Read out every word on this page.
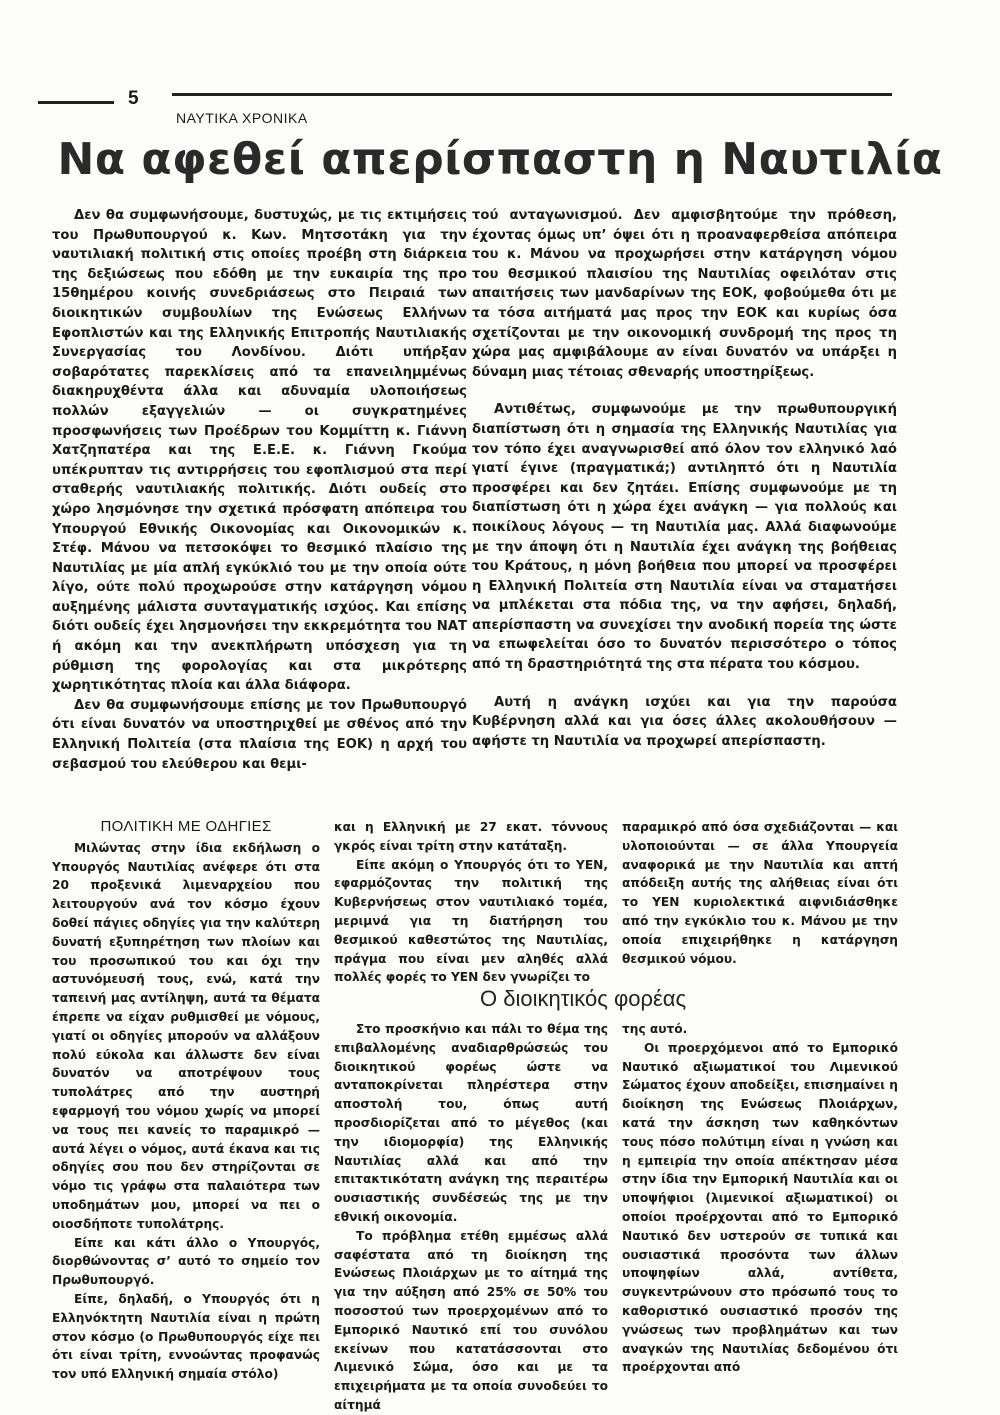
5
ΝΑΥΤΙΚΑ ΧΡΟΝΙΚΑ
Να αφεθεί απερίσπαστη η Ναυτιλία

Δεν θα συμφωνήσουμε, δυστυχώς, με τις εκτιμήσεις του Πρωθυπουργού κ. Κων. Μητσοτάκη για την ναυτιλιακή πολιτική στις οποίες προέβη στη διάρκεια της δεξιώσεως που εδόθη με την ευκαιρία της προ 15θημέρου κοινής συνεδριάσεως στο Πειραιά των διοικητικών συμβουλίων της Ενώσεως Ελλήνων Εφοπλιστών και της Ελληνικής Επιτροπής Ναυτιλιακής Συνεργασίας του Λονδίνου. Διότι υπήρξαν σοβαρότατες παρεκλίσεις από τα επανειλημμένως διακηρυχθέντα άλλα και αδυναμία υλοποιήσεως πολλών εξαγγελιών — οι συγκρατημένες προσφωνήσεις των Προέδρων του Κομμίττη κ. Γιάννη Χατζηπατέρα και της Ε.Ε.Ε. κ. Γιάννη Γκούμα υπέκρυπταν τις αντιρρήσεις του εφοπλισμού στα περί σταθερής ναυτιλιακής πολιτικής. Διότι ουδείς στο χώρο λησμόνησε την σχετικά πρόσφατη απόπειρα του Υπουργού Εθνικής Οικονομίας και Οικονομικών κ. Στέφ. Μάνου να πετσοκόψει το θεσμικό πλαίσιο της Ναυτιλίας με μία απλή εγκύκλιό του με την οποία ούτε λίγο, ούτε πολύ προχωρούσε στην κατάργηση νόμου αυξημένης μάλιστα συνταγματικής ισχύος. Και επίσης διότι ουδείς έχει λησμονήσει την εκκρεμότητα του ΝΑΤ ή ακόμη και την ανεκπλήρωτη υπόσχεση για τη ρύθμιση της φορολογίας και στα μικρότερης χωρητικότητας πλοία και άλλα διάφορα.

Δεν θα συμφωνήσουμε επίσης με τον Πρωθυπουργό ότι είναι δυνατόν να υποστηριχθεί με σθένος από την Ελληνική Πολιτεία (στα πλαίσια της ΕΟΚ) η αρχή του σεβασμού του ελεύθερου και θεμι-

τού ανταγωνισμού. Δεν αμφισβητούμε την πρόθεση, έχοντας όμως υπ’ όψει ότι η προαναφερθείσα απόπειρα του κ. Μάνου να προχωρήσει στην κατάργηση νόμου του θεσμικού πλαισίου της Ναυτιλίας οφειλόταν στις απαιτήσεις των μανδαρίνων της ΕΟΚ, φοβούμεθα ότι με τα τόσα αιτήματά μας προς την ΕΟΚ και κυρίως όσα σχετίζονται με την οικονομική συνδρομή της προς τη χώρα μας αμφιβάλουμε αν είναι δυνατόν να υπάρξει η δύναμη μιας τέτοιας σθεναρής υποστηρίξεως.

Αντιθέτως, συμφωνούμε με την πρωθυπουργική διαπίστωση ότι η σημασία της Ελληνικής Ναυτιλίας για τον τόπο έχει αναγνωρισθεί από όλον τον ελληνικό λαό γιατί έγινε (πραγματικά;) αντιληπτό ότι η Ναυτιλία προσφέρει και δεν ζητάει. Επίσης συμφωνούμε με τη διαπίστωση ότι η χώρα έχει ανάγκη — για πολλούς και ποικίλους λόγους — τη Ναυτιλία μας. Αλλά διαφωνούμε με την άποψη ότι η Ναυτιλία έχει ανάγκη της βοήθειας του Κράτους, η μόνη βοήθεια που μπορεί να προσφέρει η Ελληνική Πολιτεία στη Ναυτιλία είναι να σταματήσει να μπλέκεται στα πόδια της, να την αφήσει, δηλαδή, απερίσπαστη να συνεχίσει την ανοδική πορεία της ώστε να επωφελείται όσο το δυνατόν περισσότερο ο τόπος από τη δραστηριότητά της στα πέρατα του κόσμου.

Αυτή η ανάγκη ισχύει και για την παρούσα Κυβέρνηση αλλά και για όσες άλλες ακολουθήσουν — αφήστε τη Ναυτιλία να προχωρεί απερίσπαστη.

ΠΟΛΙΤΙΚΗ ΜΕ ΟΔΗΓΙΕΣ

Μιλώντας στην ίδια εκδήλωση ο Υπουργός Ναυτιλίας ανέφερε ότι στα 20 προξενικά λιμεναρχείου που λειτουργούν ανά τον κόσμο έχουν δοθεί πάγιες οδηγίες για την καλύτερη δυνατή εξυπηρέτηση των πλοίων και του προσωπικού του και όχι την αστυνόμευσή τους, ενώ, κατά την ταπεινή μας αντίληψη, αυτά τα θέματα έπρεπε να είχαν ρυθμισθεί με νόμους, γιατί οι οδηγίες μπορούν να αλλάξουν πολύ εύκολα και άλλωστε δεν είναι δυνατόν να αποτρέψουν τους τυπολάτρες από την αυστηρή εφαρμογή του νόμου χωρίς να μπορεί να τους πει κανείς το παραμικρό — αυτά λέγει ο νόμος, αυτά έκανα και τις οδηγίες σου που δεν στηρίζονται σε νόμο τις γράφω στα παλαιότερα των υποδημάτων μου, μπορεί να πει ο οιοσδήποτε τυπολάτρης.

Είπε και κάτι άλλο ο Υπουργός, διορθώνοντας σ’ αυτό το σημείο τον Πρωθυπουργό.

Είπε, δηλαδή, ο Υπουργός ότι η Ελληνόκτητη Ναυτιλία είναι η πρώτη στον κόσμο (ο Πρωθυπουργός είχε πει ότι είναι τρίτη, εννοώντας προφανώς τον υπό Ελληνική σημαία στόλο)

και η Ελληνική με 27 εκατ. τόννους γκρός είναι τρίτη στην κατάταξη.

Είπε ακόμη ο Υπουργός ότι το ΥΕΝ, εφαρμόζοντας την πολιτική της Κυβερνήσεως στον ναυτιλιακό τομέα, μεριμνά για τη διατήρηση του θεσμικού καθεστώτος της Ναυτιλίας, πράγμα που είναι μεν αληθές αλλά πολλές φορές το ΥΕΝ δεν γνωρίζει το

παραμικρό από όσα σχεδιάζονται — και υλοποιούνται — σε άλλα Υπουργεία αναφορικά με την Ναυτιλία και απτή απόδειξη αυτής της αλήθειας είναι ότι το ΥΕΝ κυριολεκτικά αιφνιδιάσθηκε από την εγκύκλιο του κ. Μάνου με την οποία επιχειρήθηκε η κατάργηση θεσμικού νόμου.

Ο διοικητικός φορέας

Στο προσκήνιο και πάλι το θέμα της επιβαλλομένης αναδιαρθρώσεώς του διοικητικού φορέως ώστε να ανταποκρίνεται πληρέστερα στην αποστολή του, όπως αυτή προσδιορίζεται από το μέγεθος (και την ιδιομορφία) της Ελληνικής Ναυτιλίας αλλά και από την επιτακτικότατη ανάγκη της περαιτέρω ουσιαστικής συνδέσεώς της με την εθνική οικονομία.

Το πρόβλημα ετέθη εμμέσως αλλά σαφέστατα από τη διοίκηση της Ενώσεως Πλοιάρχων με το αίτημά της για την αύξηση από 25% σε 50% του ποσοστού των προερχομένων από το Εμπορικό Ναυτικό επί του συνόλου εκείνων που κατατάσσονται στο Λιμενικό Σώμα, όσο και με τα επιχειρήματα με τα οποία συνοδεύει το αίτημά

της αυτό.

Οι προερχόμενοι από το Εμπορικό Ναυτικό αξιωματικοί του Λιμενικού Σώματος έχουν αποδείξει, επισημαίνει η διοίκηση της Ενώσεως Πλοιάρχων, κατά την άσκηση των καθηκόντων τους πόσο πολύτιμη είναι η γνώση και η εμπειρία την οποία απέκτησαν μέσα στην ίδια την Εμπορική Ναυτιλία και οι υποψήφιοι (λιμενικοί αξιωματικοί) οι οποίοι προέρχονται από το Εμπορικό Ναυτικό δεν υστερούν σε τυπικά και ουσιαστικά προσόντα των άλλων υποψηφίων αλλά, αντίθετα, συγκεντρώνουν στο πρόσωπό τους το καθοριστικό ουσιαστικό προσόν της γνώσεως των προβλημάτων και των αναγκών της Ναυτιλίας δεδομένου ότι προέρχονται από
